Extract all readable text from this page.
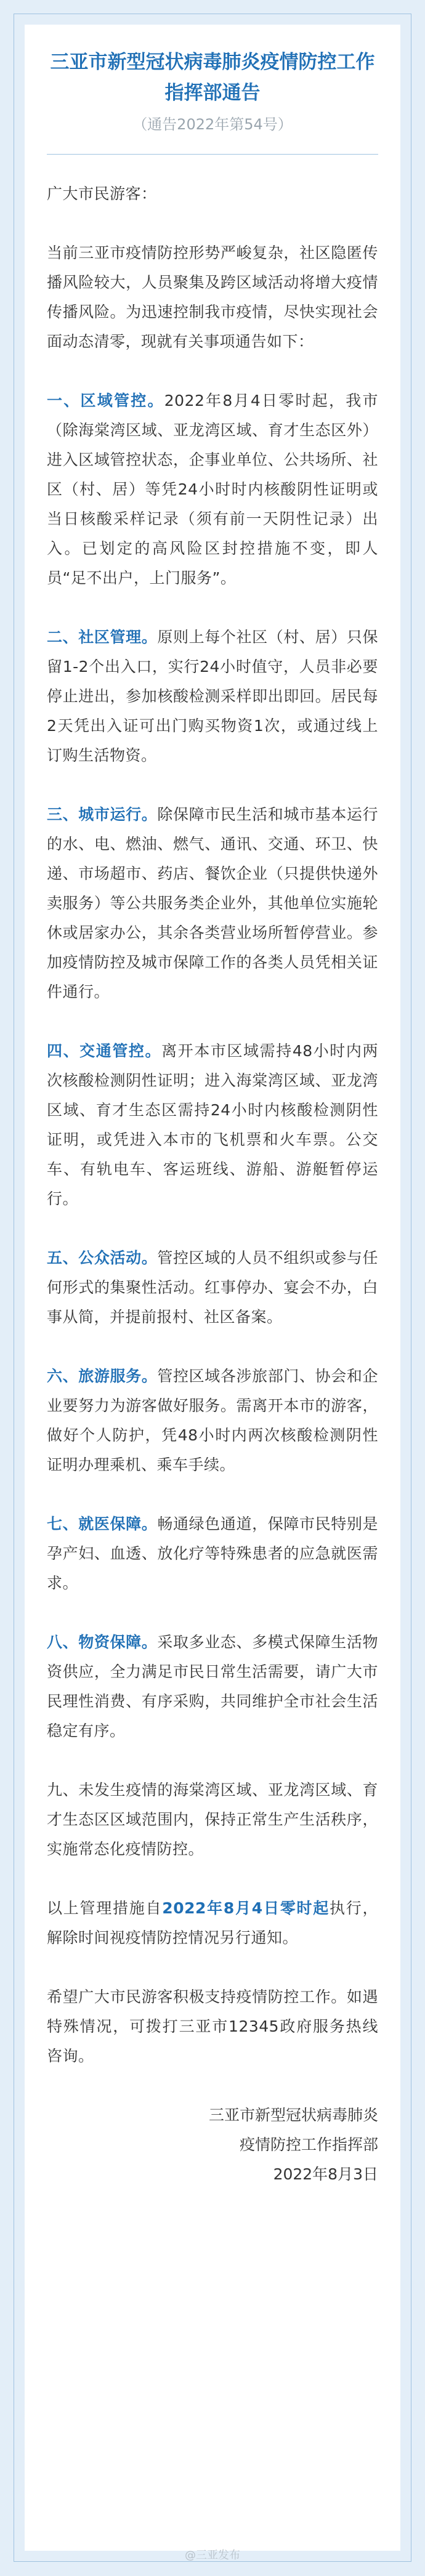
三亚市新型冠状病毒肺炎疫情防控工作
指挥部通告
（通告2022年第54号）

广大市民游客：

当前三亚市疫情防控形势严峻复杂，社区隐匿传播风险较大，人员聚集及跨区域活动将增大疫情传播风险。为迅速控制我市疫情，尽快实现社会面动态清零，现就有关事项通告如下：

一、区域管控。2022年8月4日零时起，我市（除海棠湾区域、亚龙湾区域、育才生态区外）进入区域管控状态，企事业单位、公共场所、社区（村、居）等凭24小时时内核酸阴性证明或当日核酸采样记录（须有前一天阴性记录）出入。已划定的高风险区封控措施不变，即人员“足不出户，上门服务”。

二、社区管理。原则上每个社区（村、居）只保留1-2个出入口，实行24小时值守，人员非必要停止进出，参加核酸检测采样即出即回。居民每2天凭出入证可出门购买物资1次，或通过线上订购生活物资。

三、城市运行。除保障市民生活和城市基本运行的水、电、燃油、燃气、通讯、交通、环卫、快递、市场超市、药店、餐饮企业（只提供快递外卖服务）等公共服务类企业外，其他单位实施轮休或居家办公，其余各类营业场所暂停营业。参加疫情防控及城市保障工作的各类人员凭相关证件通行。

四、交通管控。离开本市区域需持48小时内两次核酸检测阴性证明；进入海棠湾区域、亚龙湾区域、育才生态区需持24小时内核酸检测阴性证明，或凭进入本市的飞机票和火车票。公交车、有轨电车、客运班线、游船、游艇暂停运行。

五、公众活动。管控区域的人员不组织或参与任何形式的集聚性活动。红事停办、宴会不办，白事从简，并提前报村、社区备案。

六、旅游服务。管控区域各涉旅部门、协会和企业要努力为游客做好服务。需离开本市的游客，做好个人防护，凭48小时内两次核酸检测阴性证明办理乘机、乘车手续。

七、就医保障。畅通绿色通道，保障市民特别是孕产妇、血透、放化疗等特殊患者的应急就医需求。

八、物资保障。采取多业态、多模式保障生活物资供应，全力满足市民日常生活需要，请广大市民理性消费、有序采购，共同维护全市社会生活稳定有序。

九、未发生疫情的海棠湾区域、亚龙湾区域、育才生态区区域范围内，保持正常生产生活秩序，实施常态化疫情防控。

以上管理措施自2022年8月4日零时起执行，解除时间视疫情防控情况另行通知。

希望广大市民游客积极支持疫情防控工作。如遇特殊情况，可拨打三亚市12345政府服务热线咨询。

三亚市新型冠状病毒肺炎
疫情防控工作指挥部
2022年8月3日
@三亚发布
